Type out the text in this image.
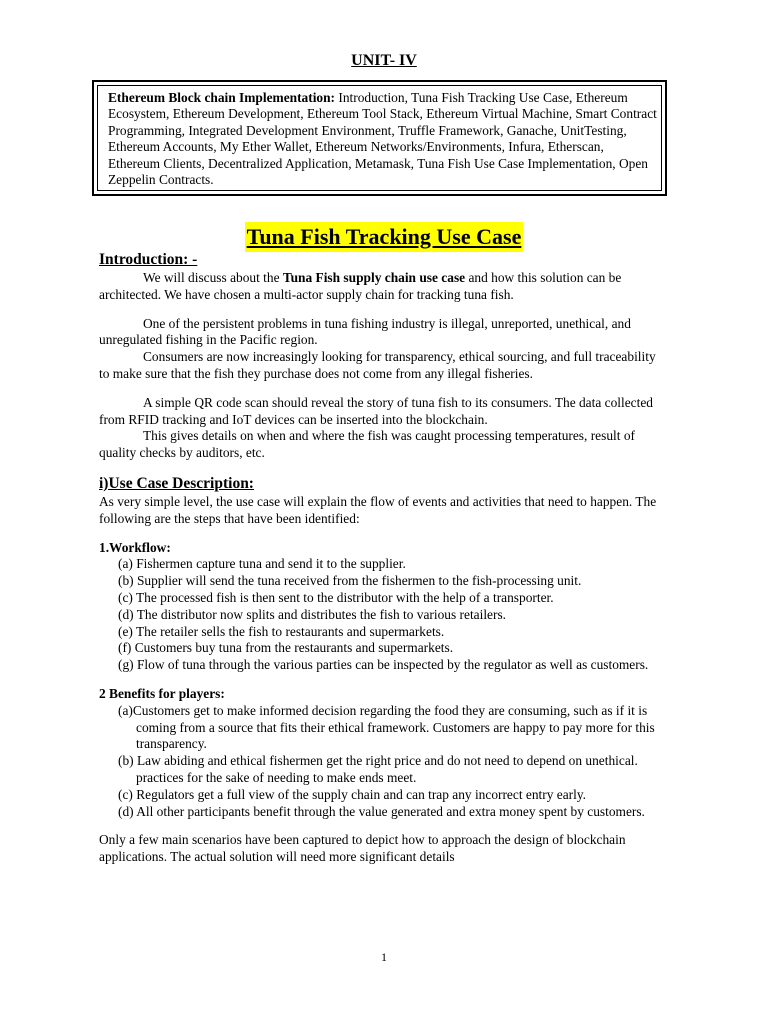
UNIT- IV
Ethereum Block chain Implementation: Introduction, Tuna Fish Tracking Use Case, Ethereum Ecosystem, Ethereum Development, Ethereum Tool Stack, Ethereum Virtual Machine, Smart Contract Programming, Integrated Development Environment, Truffle Framework, Ganache, UnitTesting, Ethereum Accounts, My Ether Wallet, Ethereum Networks/Environments, Infura, Etherscan, Ethereum Clients, Decentralized Application, Metamask, Tuna Fish Use Case Implementation, Open Zeppelin Contracts.
Tuna Fish Tracking Use Case
Introduction: -

We will discuss about the Tuna Fish supply chain use case and how this solution can be architected. We have chosen a multi-actor supply chain for tracking tuna fish.

One of the persistent problems in tuna fishing industry is illegal, unreported, unethical, and unregulated fishing in the Pacific region.

Consumers are now increasingly looking for transparency, ethical sourcing, and full traceability to make sure that the fish they purchase does not come from any illegal fisheries.

A simple QR code scan should reveal the story of tuna fish to its consumers. The data collected from RFID tracking and IoT devices can be inserted into the blockchain.

This gives details on when and where the fish was caught processing temperatures, result of quality checks by auditors, etc.

i)Use Case Description:

As very simple level, the use case will explain the flow of events and activities that need to happen. The following are the steps that have been identified:

1.Workflow:
(a) Fishermen capture tuna and send it to the supplier.
(b) Supplier will send the tuna received from the fishermen to the fish-processing unit.
(c) The processed fish is then sent to the distributor with the help of a transporter.
(d) The distributor now splits and distributes the fish to various retailers.
(e) The retailer sells the fish to restaurants and supermarkets.
(f) Customers buy tuna from the restaurants and supermarkets.
(g) Flow of tuna through the various parties can be inspected by the regulator as well as customers.
2 Benefits for players:
(a)Customers get to make informed decision regarding the food they are consuming, such as if it is coming from a source that fits their ethical framework. Customers are happy to pay more for this transparency.
(b) Law abiding and ethical fishermen get the right price and do not need to depend on unethical. practices for the sake of needing to make ends meet.
(c) Regulators get a full view of the supply chain and can trap any incorrect entry early.
(d) All other participants benefit through the value generated and extra money spent by customers.

Only a few main scenarios have been captured to depict how to approach the design of blockchain applications. The actual solution will need more significant details

1
